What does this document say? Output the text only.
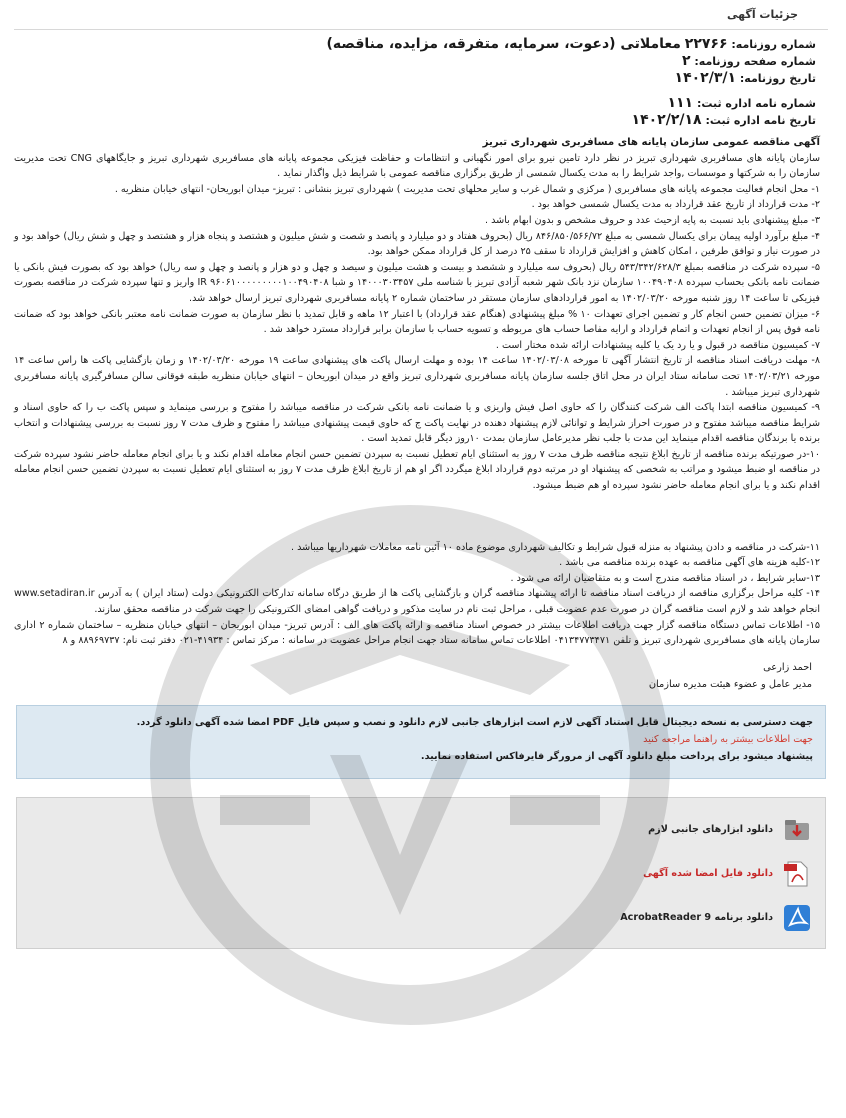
جزئیات آگهی
شماره روزنامه: ۲۲۷۶۶ معاملاتی (دعوت، سرمایه، متفرقه، مزایده، مناقصه)
شماره صفحه روزنامه: ۲
تاریخ روزنامه: ۱۴۰۲/۳/۱
شماره نامه اداره ثبت: ۱۱۱
تاریخ نامه اداره ثبت: ۱۴۰۲/۲/۱۸

آگهی مناقصه عمومی سازمان پایانه های مسافربری شهرداری تبریز

سازمان پایانه های مسافربری شهرداری تبریز در نظر دارد تامین نیرو برای امور نگهبانی و انتظامات و حفاظت فیزیکی مجموعه پایانه های مسافربری شهرداری تبریز و جایگاههای CNG تحت مدیریت سازمان را به شرکتها و موسسات ,واجد شرایط را به مدت یکسال شمسی از طریق برگزاری مناقصه عمومی با شرایط ذیل واگذار نماید .

۱- محل انجام فعالیت مجموعه پایانه های مسافربری ( مرکزی و شمال غرب و سایر محلهای تحت مدیریت ) شهرداری تبریز بنشانی : تبریز- میدان ابوریحان- انتهای خیابان منظریه .

۲- مدت قرارداد از تاریخ عقد قرارداد به مدت یکسال شمسی خواهد بود .

۳- مبلغ پیشنهادی باید نسبت به پایه ازحیث عدد و حروف مشخص و بدون ابهام باشد .

۴- مبلغ برآورد اولیه پیمان برای یکسال شمسی به مبلغ ۸۴۶/۸۵۰/۵۶۶/۷۲ ریال (بحروف هفتاد و دو میلیارد و پانصد و شصت و شش میلیون و هشتصد و پنجاه هزار و هشتصد و چهل و شش ریال) خواهد بود و در صورت نیاز و توافق طرفین ، امکان کاهش و افزایش قرارداد تا سقف ۲۵ درصد از کل قرارداد ممکن خواهد بود.

۵- سپرده شرکت در مناقصه بمبلغ ۵۴۳/۳۴۲/۶۲۸/۳ ریال (بحروف سه میلیارد و ششصد و بیست و هشت میلیون و سیصد و چهل و دو هزار و پانصد و چهل و سه ریال) خواهد بود که بصورت فیش بانکی یا ضمانت نامه بانکی بحساب سپرده ۱۰۰۴۹۰۴۰۸ سازمان نزد بانک شهر شعبه آزادی تبریز با شناسه ملی ۱۴۰۰۰۳۰۳۴۵۷ و شبا IR ۹۶۰۶۱۰۰۰۰۰۰۰۰۰۱۰۰۴۹۰۴۰۸ واریز و تنها سپرده شرکت در مناقصه بصورت فیزیکی تا ساعت ۱۴ روز شنبه مورخه ۱۴۰۲/۰۳/۲۰ به امور قراردادهای سازمان مستقر در ساختمان شماره ۲ پایانه مسافربری شهرداری تبریز ارسال خواهد شد.

۶- میزان تضمین حسن انجام کار و تضمین اجرای تعهدات ۱۰ % مبلغ پیشنهادی (هنگام عقد قرارداد) با اعتبار ۱۲ ماهه و قابل تمدید با نظر سازمان به صورت ضمانت نامه معتبر بانکی خواهد بود که ضمانت نامه فوق پس از انجام تعهدات و اتمام قرارداد و ارایه مفاصا حساب های مربوطه و تسویه حساب با سازمان برابر قرارداد مسترد خواهد شد .

۷- کمیسیون مناقصه در قبول و یا رد یک یا کلیه پیشنهادات ارائه شده مختار است .

۸- مهلت دریافت اسناد مناقصه از تاریخ انتشار آگهی تا مورخه ۱۴۰۲/۰۳/۰۸ ساعت ۱۴ بوده و مهلت ارسال پاکت های پیشنهادی ساعت ۱۹ مورخه ۱۴۰۲/۰۳/۲۰ و زمان بازگشایی پاکت ها راس ساعت ۱۴ مورخه ۱۴۰۲/۰۳/۲۱ تحت سامانه ستاد ایران در محل اتاق جلسه سازمان پایانه مسافربری شهرداری تبریز واقع در میدان ابوریحان – انتهای خیابان منظریه طبقه فوقانی سالن مسافرگیری پایانه مسافربری شهرداری تبریز میباشد .

۹- کمیسیون مناقصه ابتدا پاکت الف شرکت کنندگان را که حاوی اصل فیش واریزی و یا ضمانت نامه بانکی شرکت در مناقصه میباشد را مفتوح و بررسی مینماید و سپس پاکت ب را که حاوی اسناد و شرایط مناقصه میباشد مفتوح و در صورت احراز شرایط و توانائی لازم پیشنهاد دهنده در نهایت پاکت ج که حاوی قیمت پیشنهادی میباشد را مفتوح و ظرف مدت ۷ روز نسبت به بررسی پیشنهادات و انتخاب برنده یا برندگان مناقصه اقدام مینماید این مدت با جلب نظر مدیرعامل سازمان بمدت ۱۰روز دیگر قابل تمدید است .

۱۰-در صورتیکه برنده مناقصه از تاریخ ابلاغ نتیجه مناقصه ظرف مدت ۷ روز به استثنای ایام تعطیل نسبت به سپردن تضمین حسن انجام معامله اقدام نکند و یا برای انجام معامله حاضر نشود سپرده شرکت در مناقصه او ضبط میشود و مراتب به شخصی که پیشنهاد او در مرتبه دوم قرارداد ابلاغ میگردد اگر او هم از تاریخ ابلاغ ظرف مدت ۷ روز به استثنای ایام تعطیل نسبت به سپردن تضمین حسن انجام معامله اقدام نکند و یا برای انجام معامله حاضر نشود سپرده او هم ضبط میشود.

۱۱-شرکت در مناقصه و دادن پیشنهاد به منزله قبول شرایط و تکالیف شهرداری موضوع ماده ۱۰ آئین نامه معاملات شهرداریها میباشد .

۱۲-کلیه هزینه های آگهی مناقصه به عهده برنده مناقصه می باشد .

۱۳-سایر شرایط ، در اسناد مناقصه مندرج است و به متقاضیان ارائه می شود .

۱۴- کلیه مراحل برگزاری مناقصه از دریافت اسناد مناقصه تا ارائه پیشنهاد مناقصه گران و بازگشایی پاکت ها از طریق درگاه سامانه تدارکات الکترونیکی دولت (ستاد ایران ) به آدرس www.setadiran.ir انجام خواهد شد و لازم است مناقصه گران در صورت عدم عضویت قبلی ، مراحل ثبت نام در سایت مذکور و دریافت گواهی امضای الکترونیکی را جهت شرکت در مناقصه محقق سازند.

۱۵- اطلاعات تماس دستگاه مناقصه گزار جهت دریافت اطلاعات بیشتر در خصوص اسناد مناقصه و ارائه پاکت های الف : آدرس تبریز- میدان ابوریحان – انتهای خیابان منظریه – ساختمان شماره ۲ اداری سازمان پایانه های مسافربری شهرداری تبریز و تلفن ۰۴۱۳۴۷۷۳۴۷۱ اطلاعات تماس سامانه ستاد جهت انجام مراحل عضویت در سامانه : مرکز تماس : ۴۱۹۳۴-۰۲۱ دفتر ثبت نام: ۸۸۹۶۹۷۳۷ و ۸

احمد زارعی
مدیر عامل و عضوء هیئت مدیره سازمان
جهت دسترسی به نسخه دیجیتال قابل استناد آگهی لازم است ابزارهای جانبی لازم دانلود و نصب و سپس فایل PDF امضا شده آگهی دانلود گردد.
جهت اطلاعات بیشتر به راهنما مراجعه کنید
پیشنهاد میشود برای پرداخت مبلغ دانلود آگهی از مرورگر فایرفاکس استفاده نمایید.
دانلود ابزارهای جانبی لازم
دانلود فایل امضا شده آگهی
دانلود برنامه AcrobatReader 9
